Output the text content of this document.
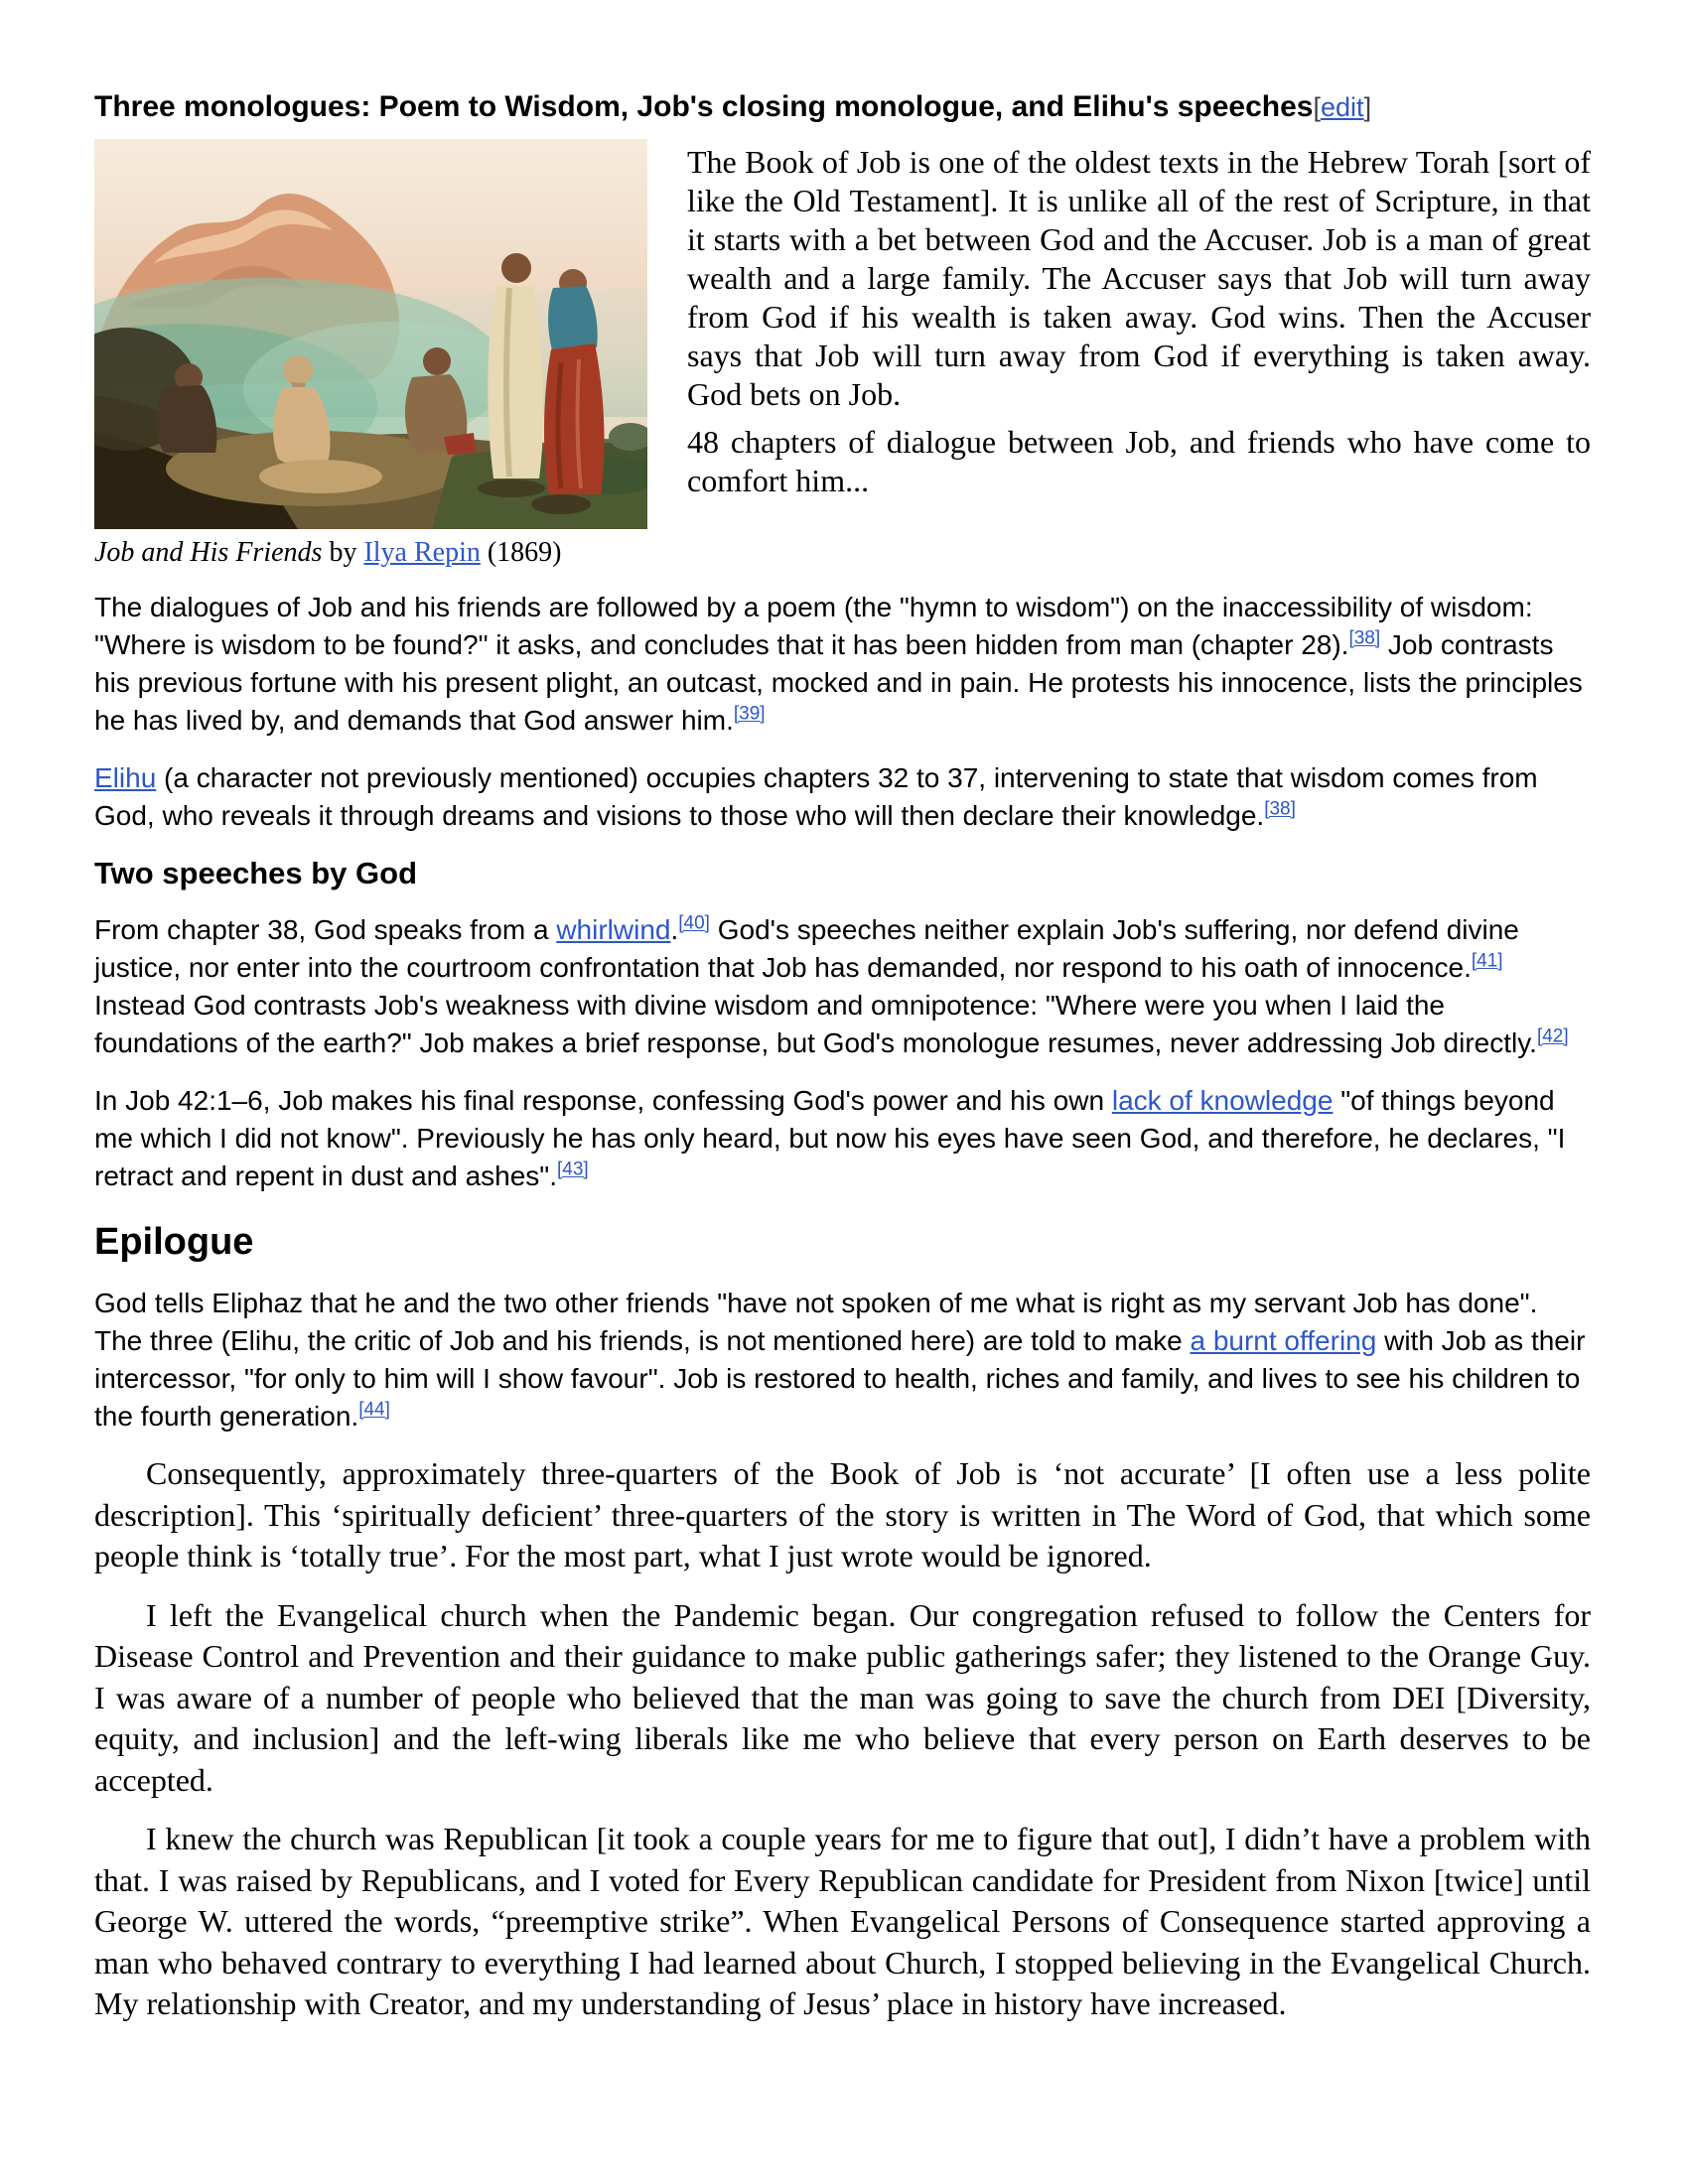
Three monologues: Poem to Wisdom, Job's closing monologue, and Elihu's speeches[edit]
Job and His Friends by Ilya Repin (1869)

The Book of Job is one of the oldest texts in the Hebrew Torah [sort of like the Old Testament]. It is unlike all of the rest of Scripture, in that it starts with a bet between God and the Accuser. Job is a man of great wealth and a large family. The Accuser says that Job will turn away from God if his wealth is taken away. God wins. Then the Accuser says that Job will turn away from God if everything is taken away. God bets on Job.

48 chapters of dialogue between Job, and friends who have come to comfort him...

The dialogues of Job and his friends are followed by a poem (the "hymn to wisdom") on the inaccessibility of wisdom: "Where is wisdom to be found?" it asks, and concludes that it has been hidden from man (chapter 28).[38] Job contrasts his previous fortune with his present plight, an outcast, mocked and in pain. He protests his innocence, lists the principles he has lived by, and demands that God answer him.[39]

Elihu (a character not previously mentioned) occupies chapters 32 to 37, intervening to state that wisdom comes from God, who reveals it through dreams and visions to those who will then declare their knowledge.[38]

Two speeches by God

From chapter 38, God speaks from a whirlwind.[40] God's speeches neither explain Job's suffering, nor defend divine justice, nor enter into the courtroom confrontation that Job has demanded, nor respond to his oath of innocence.[41] Instead God contrasts Job's weakness with divine wisdom and omnipotence: "Where were you when I laid the foundations of the earth?" Job makes a brief response, but God's monologue resumes, never addressing Job directly.[42]

In Job 42:1–6, Job makes his final response, confessing God's power and his own lack of knowledge "of things beyond me which I did not know". Previously he has only heard, but now his eyes have seen God, and therefore, he declares, "I retract and repent in dust and ashes".[43]

Epilogue

God tells Eliphaz that he and the two other friends "have not spoken of me what is right as my servant Job has done". The three (Elihu, the critic of Job and his friends, is not mentioned here) are told to make a burnt offering with Job as their intercessor, "for only to him will I show favour". Job is restored to health, riches and family, and lives to see his children to the fourth generation.[44]

Consequently, approximately three-quarters of the Book of Job is ‘not accurate’ [I often use a less polite description]. This ‘spiritually deficient’ three-quarters of the story is written in The Word of God, that which some people think is ‘totally true’. For the most part, what I just wrote would be ignored.

I left the Evangelical church when the Pandemic began. Our congregation refused to follow the Centers for Disease Control and Prevention and their guidance to make public gatherings safer; they listened to the Orange Guy. I was aware of a number of people who believed that the man was going to save the church from DEI [Diversity, equity, and inclusion] and the left-wing liberals like me who believe that every person on Earth deserves to be accepted.

I knew the church was Republican [it took a couple years for me to figure that out], I didn’t have a problem with that. I was raised by Republicans, and I voted for Every Republican candidate for President from Nixon [twice] until George W. uttered the words, “preemptive strike”. When Evangelical Persons of Consequence started approving a man who behaved contrary to everything I had learned about Church, I stopped believing in the Evangelical Church. My relationship with Creator, and my understanding of Jesus’ place in history have increased.
